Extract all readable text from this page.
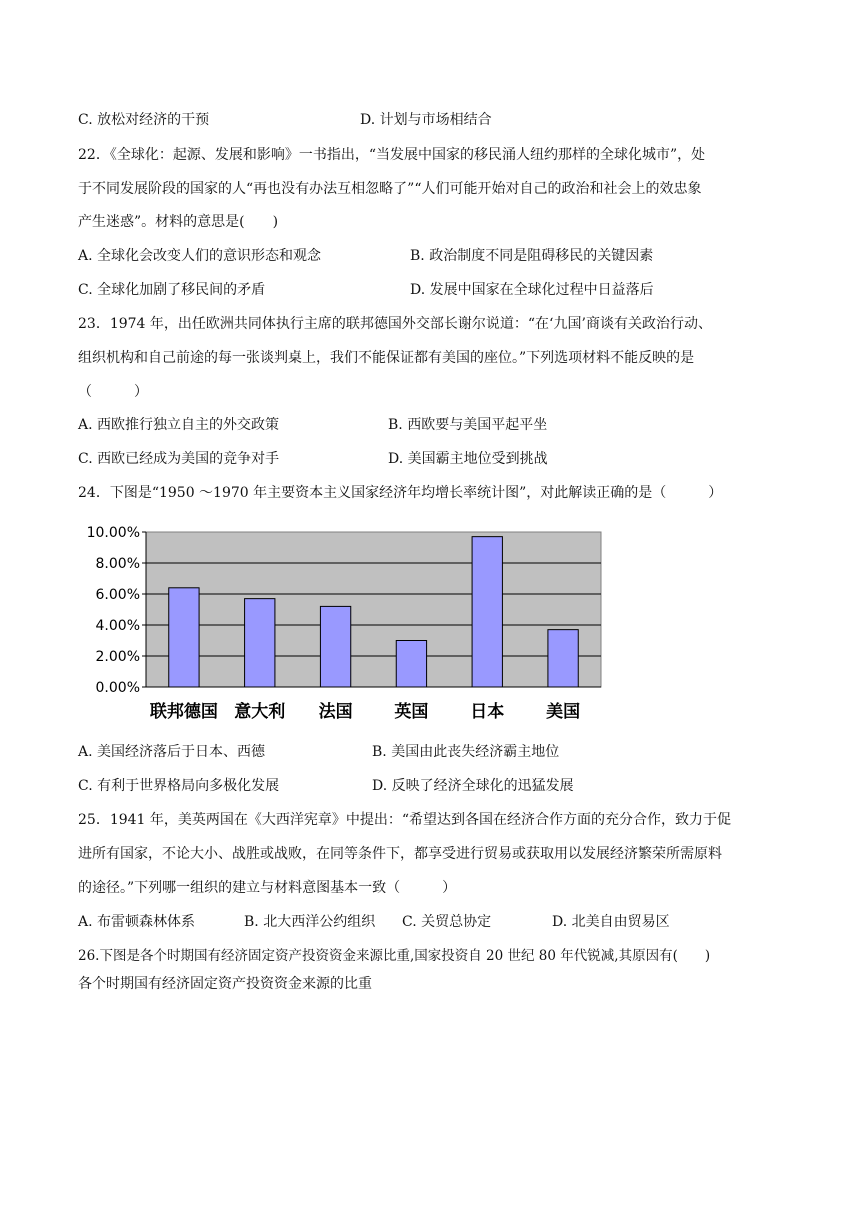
C. 放松对经济的干预	D. 计划与市场相结合
22．《全球化：起源、发展和影响》一书指出，“当发展中国家的移民涌人纽约那样的全球化城市”，处
于不同发展阶段的国家的人“再也没有办法互相忽略了”“人们可能开始对自己的政治和社会上的效忠象
产生迷惑”。材料的意思是(　　)
A. 全球化会改变人们的意识形态和观念	B. 政治制度不同是阻碍移民的关键因素
C. 全球化加剧了移民间的矛盾	D. 发展中国家在全球化过程中日益落后
23．1974 年，出任欧洲共同体执行主席的联邦德国外交部长谢尔说道：“在‘九国’商谈有关政治行动、
组织机构和自己前途的每一张谈判桌上，我们不能保证都有美国的座位。”下列选项材料不能反映的是
（　　　）
A. 西欧推行独立自主的外交政策	B. 西欧要与美国平起平坐
C. 西欧已经成为美国的竞争对手	D. 美国霸主地位受到挑战
24．下图是“1950 ～1970 年主要资本主义国家经济年均增长率统计图”，对此解读正确的是（　　　）
0.00%
2.00%
4.00%
6.00%
8.00%
10.00%
联邦德国 意大利 法国 英国 日本 美国
A. 美国经济落后于日本、西德	B. 美国由此丧失经济霸主地位
C. 有利于世界格局向多极化发展	D. 反映了经济全球化的迅猛发展
25．1941 年，美英两国在《大西洋宪章》中提出：“希望达到各国在经济合作方面的充分合作，致力于促
进所有国家，不论大小、战胜或战败，在同等条件下，都享受进行贸易或获取用以发展经济繁荣所需原料
的途径。”下列哪一组织的建立与材料意图基本一致（　　　）
A. 布雷顿森林体系	B. 北大西洋公约组织 C. 关贸总协定	D. 北美自由贸易区
26.下图是各个时期国有经济固定资产投资资金来源比重,国家投资自 20 世纪 80 年代锐减,其原因有(　　)
各个时期国有经济固定资产投资资金来源的比重
